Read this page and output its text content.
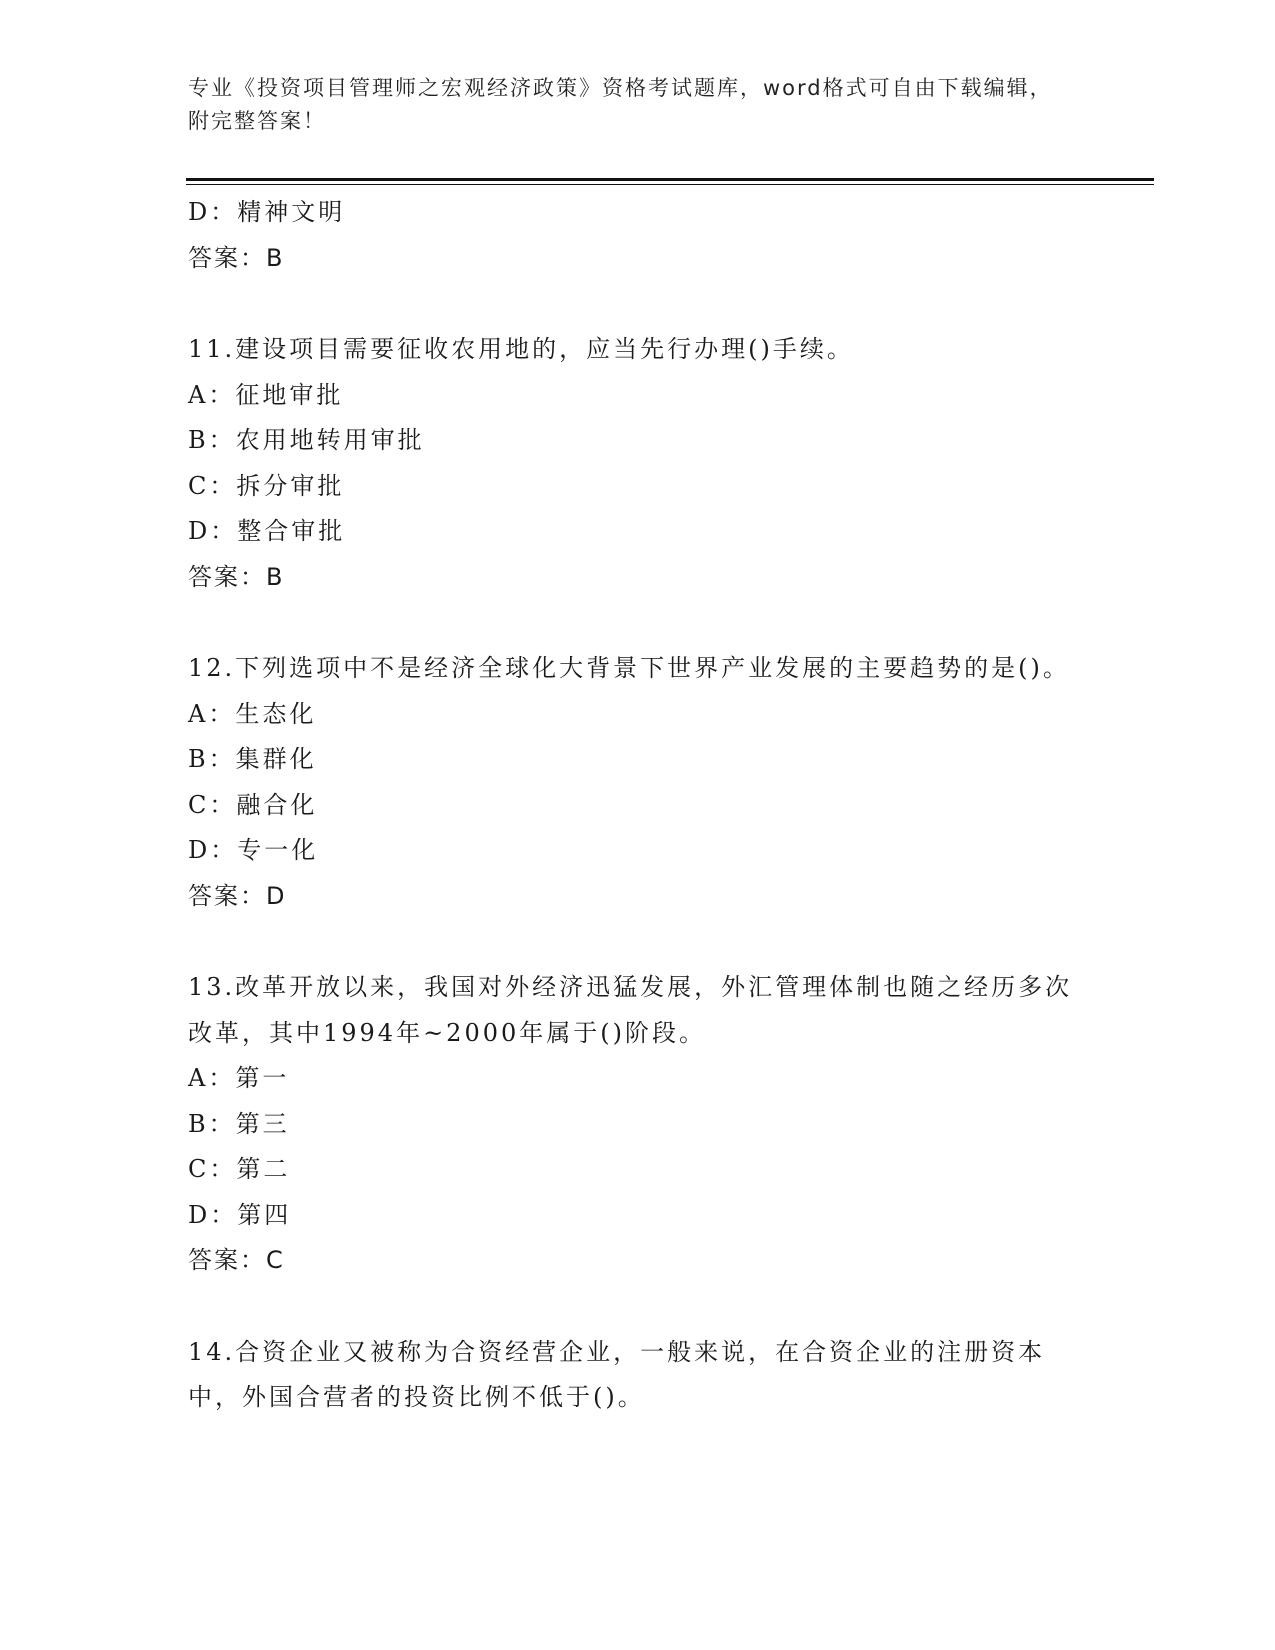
专业《投资项目管理师之宏观经济政策》资格考试题库，word格式可自由下载编辑，附完整答案！
D：精神文明
答案：B
11.建设项目需要征收农用地的，应当先行办理()手续。
A：征地审批
B：农用地转用审批
C：拆分审批
D：整合审批
答案：B
12.下列选项中不是经济全球化大背景下世界产业发展的主要趋势的是()。
A：生态化
B：集群化
C：融合化
D：专一化
答案：D
13.改革开放以来，我国对外经济迅猛发展，外汇管理体制也随之经历多次改革，其中1994年~2000年属于()阶段。
A：第一
B：第三
C：第二
D：第四
答案：C
14.合资企业又被称为合资经营企业，一般来说，在合资企业的注册资本中，外国合营者的投资比例不低于()。
